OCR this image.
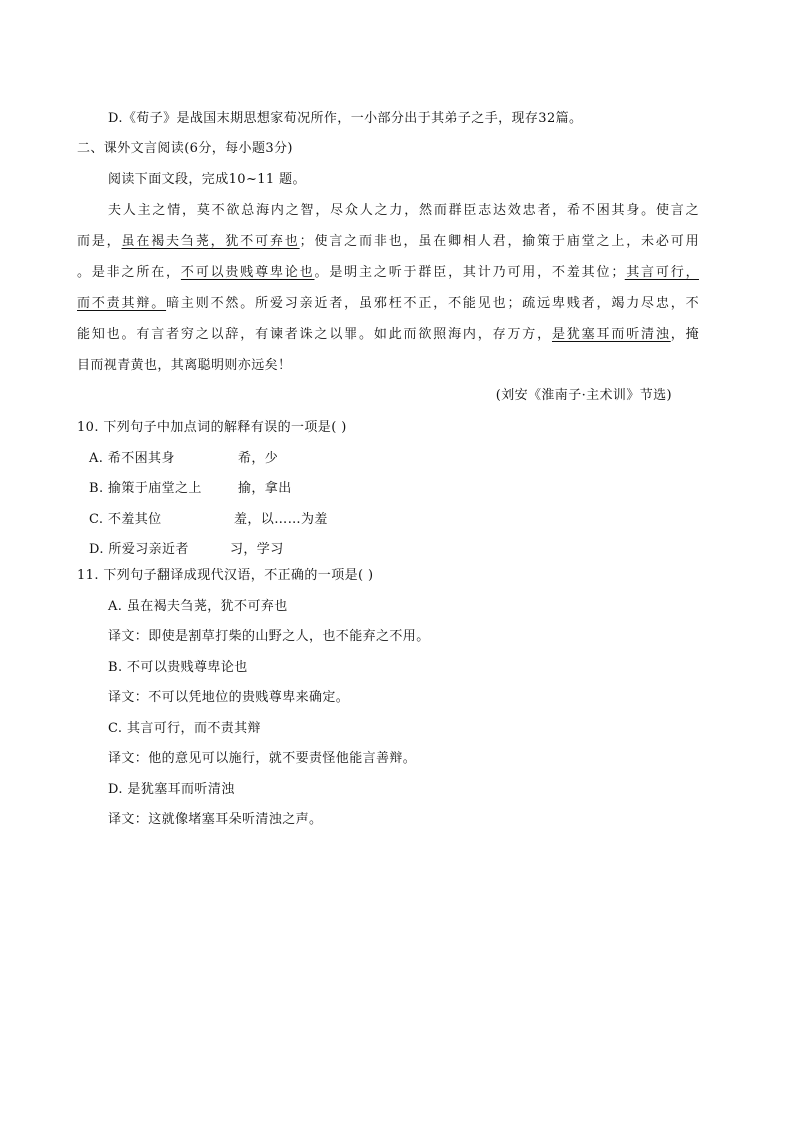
D.《荀子》是战国末期思想家荀况所作，一小部分出于其弟子之手，现存32篇。
二、课外文言阅读(6分，每小题3分)
阅读下面文段，完成10~11 题。
夫人主之情，莫不欲总海内之智，尽众人之力，然而群臣志达效忠者，希不困其身。使言之
而是，虽在褐夫刍荛，犹不可弃也；使言之而非也，虽在卿相人君，揄策于庙堂之上，未必可用
。是非之所在，不可以贵贱尊卑论也。是明主之听于群臣，其计乃可用，不羞其位；其言可行，
而不责其辩。暗主则不然。所爱习亲近者，虽邪枉不正，不能见也；疏远卑贱者，竭力尽忠，不
能知也。有言者穷之以辞，有谏者诛之以罪。如此而欲照海内，存万方，是犹塞耳而听清浊，掩
目而视青黄也，其离聪明则亦远矣！
(刘安《淮南子·主术训》节选)
10. 下列句子中加点词的解释有误的一项是( )
A. 希不困其身	希，少
B. 揄策于庙堂之上	揄，拿出
C. 不羞其位	羞，以……为羞
D. 所爱习亲近者	习，学习
11. 下列句子翻译成现代汉语，不正确的一项是( )
A. 虽在褐夫刍荛，犹不可弃也
译文：即使是割草打柴的山野之人，也不能弃之不用。
B. 不可以贵贱尊卑论也
译文：不可以凭地位的贵贱尊卑来确定。
C. 其言可行，而不责其辩
译文：他的意见可以施行，就不要责怪他能言善辩。
D. 是犹塞耳而听清浊
译文：这就像堵塞耳朵听清浊之声。
